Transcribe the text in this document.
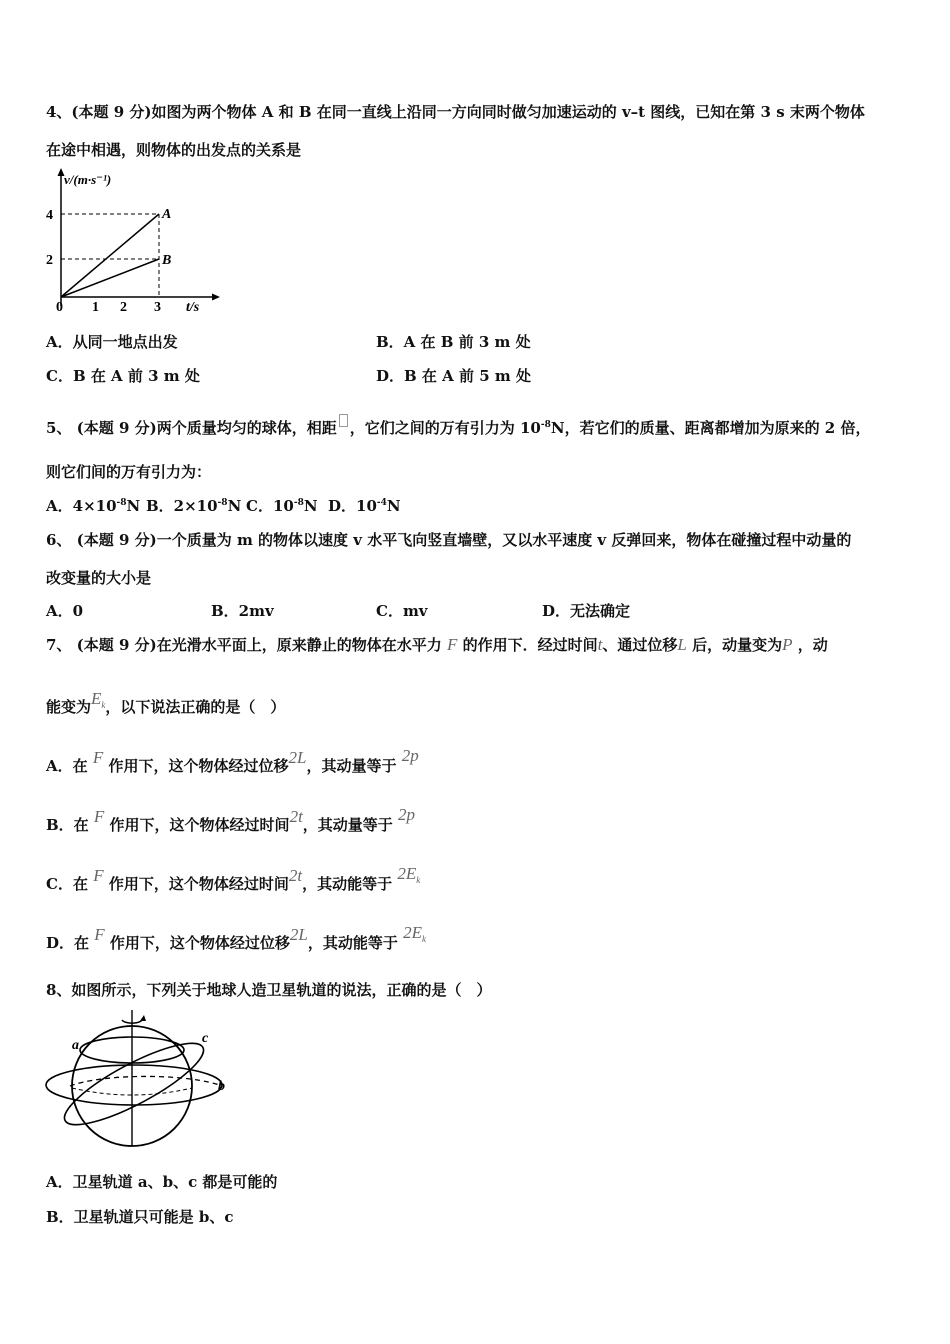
4、(本题 9 分)如图为两个物体 A 和 B 在同一直线上沿同一方向同时做匀加速运动的 v–t 图线，已知在第 3 s 末两个物体
在途中相遇，则物体的出发点的关系是
v/(m·s⁻¹)
4
2
0 1 2 3 t/s
A
B
A．从同一地点出发	B．A 在 B 前 3 m 处
C．B 在 A 前 3 m 处	D．B 在 A 前 5 m 处
5、 (本题 9 分)两个质量均匀的球体，相距 ，它们之间的万有引力为 $10^{-8}N$，若它们的质量、距离都增加为原来的 2 倍，
则它们间的万有引力为：
A．$4\times 10^{-8}N$ B．$2\times 10^{-8}N$ C．$10^{-8}N$ D．$10^{-4}N$
6、 (本题 9 分)一个质量为 m 的物体以速度 v 水平飞向竖直墙壁，又以水平速度 v 反弹回来，物体在碰撞过程中动量的
改变量的大小是
A．0	B．2mv	C．mv	D．无法确定
7、 (本题 9 分)在光滑水平面上，原来静止的物体在水平力 F 的作用下．经过时间t、通过位移L 后，动量变为P ，动
能变为$E^k$，以下说法正确的是（　）
A．在 F 作用下，这个物体经过位移2L，其动量等于 2p
B．在 F 作用下，这个物体经过时间2t，其动量等于 2p
C．在 F 作用下，这个物体经过时间2t，其动能等于 $2E^k$
D．在 F 作用下，这个物体经过位移2L，其动能等于 $2E^k$
8、如图所示，下列关于地球人造卫星轨道的说法，正确的是（　）
a
b
c
A．卫星轨道 a、b、c 都是可能的
B．卫星轨道只可能是 b、c
